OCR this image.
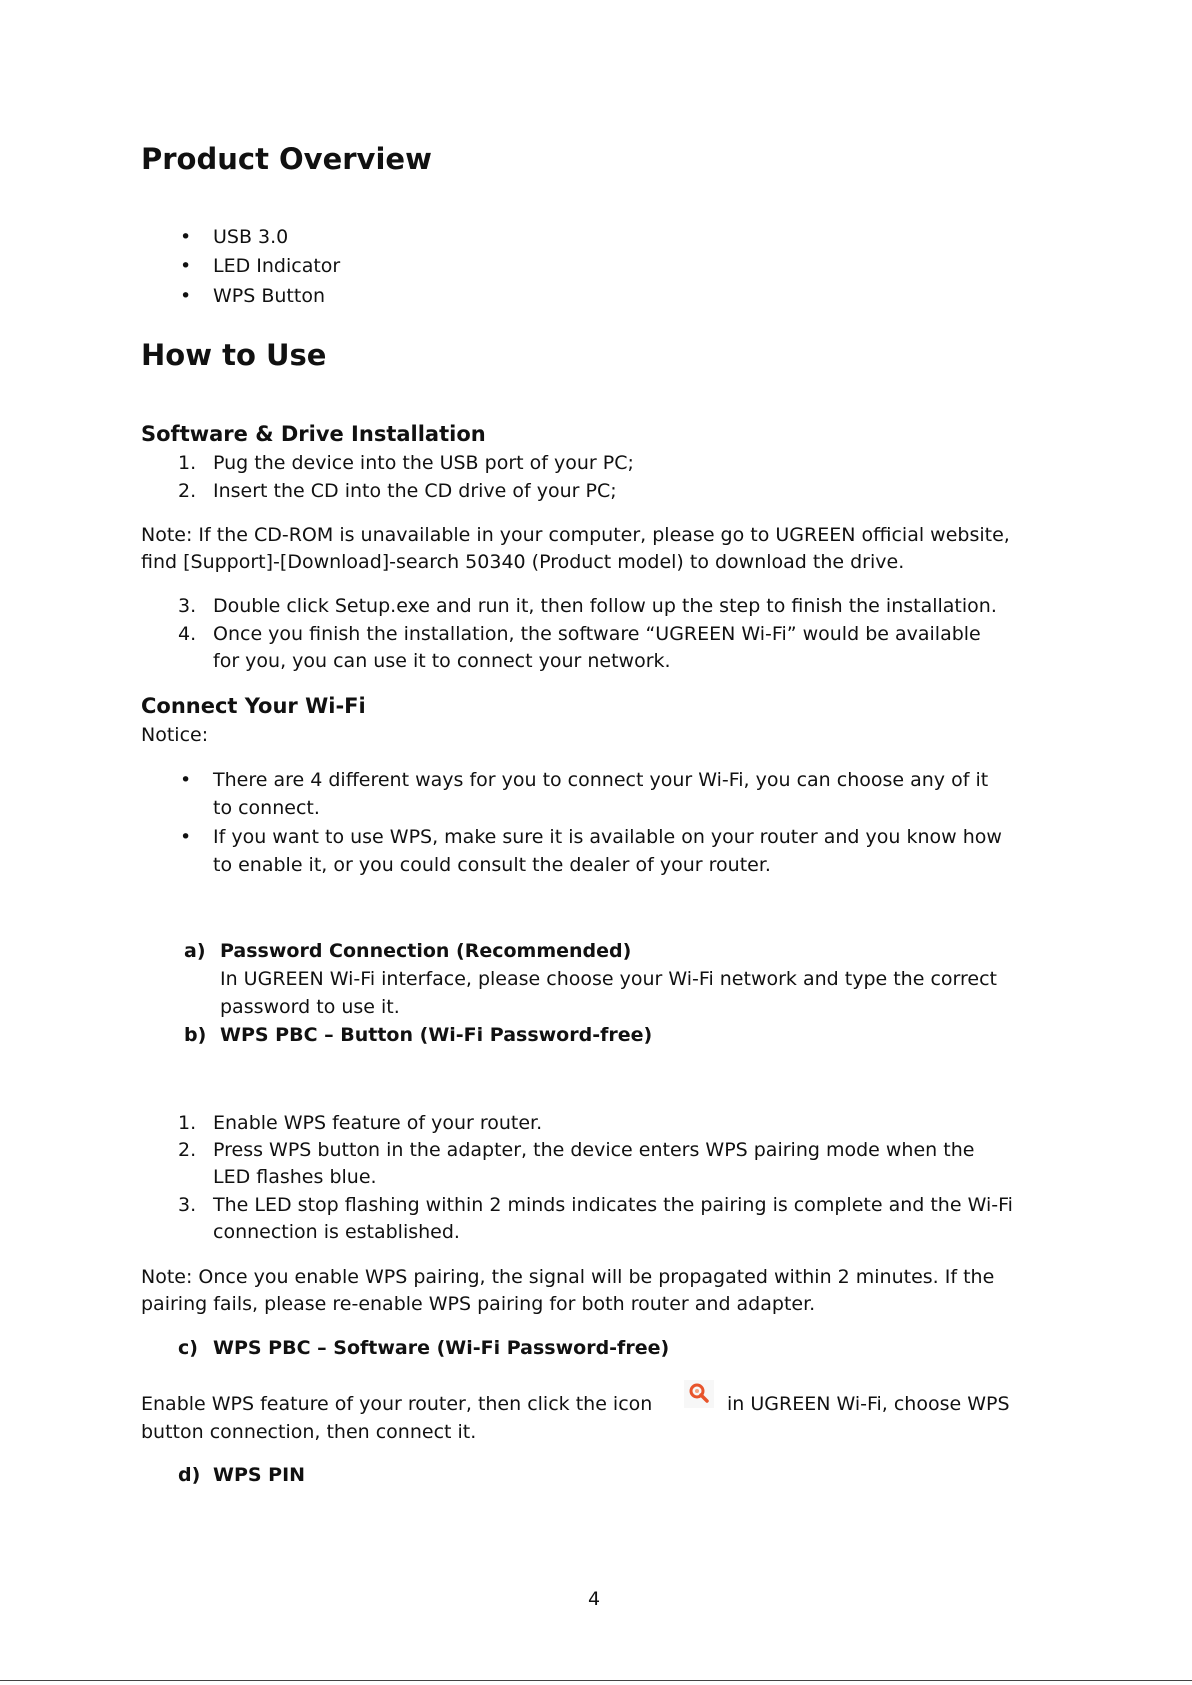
Product Overview
• USB 3.0
• LED Indicator
• WPS Button
How to Use
Software & Drive Installation
1. Pug the device into the USB port of your PC;
2. Insert the CD into the CD drive of your PC;
Note: If the CD-ROM is unavailable in your computer, please go to UGREEN official website,
find [Support]-[Download]-search 50340 (Product model) to download the drive.
3. Double click Setup.exe and run it, then follow up the step to finish the installation.
4. Once you finish the installation, the software “UGREEN Wi-Fi” would be available
for you, you can use it to connect your network.
Connect Your Wi-Fi
Notice:
• There are 4 different ways for you to connect your Wi-Fi, you can choose any of it
to connect.
• If you want to use WPS, make sure it is available on your router and you know how
to enable it, or you could consult the dealer of your router.
a) Password Connection (Recommended)
In UGREEN Wi-Fi interface, please choose your Wi-Fi network and type the correct
password to use it.
b) WPS PBC – Button (Wi-Fi Password-free)
1. Enable WPS feature of your router.
2. Press WPS button in the adapter, the device enters WPS pairing mode when the
LED flashes blue.
3. The LED stop flashing within 2 minds indicates the pairing is complete and the Wi-Fi
connection is established.
Note: Once you enable WPS pairing, the signal will be propagated within 2 minutes. If the
pairing fails, please re-enable WPS pairing for both router and adapter.
c) WPS PBC – Software (Wi-Fi Password-free)
Enable WPS feature of your router, then click the icon	in UGREEN Wi-Fi, choose WPS
button connection, then connect it.
d) WPS PIN
4
